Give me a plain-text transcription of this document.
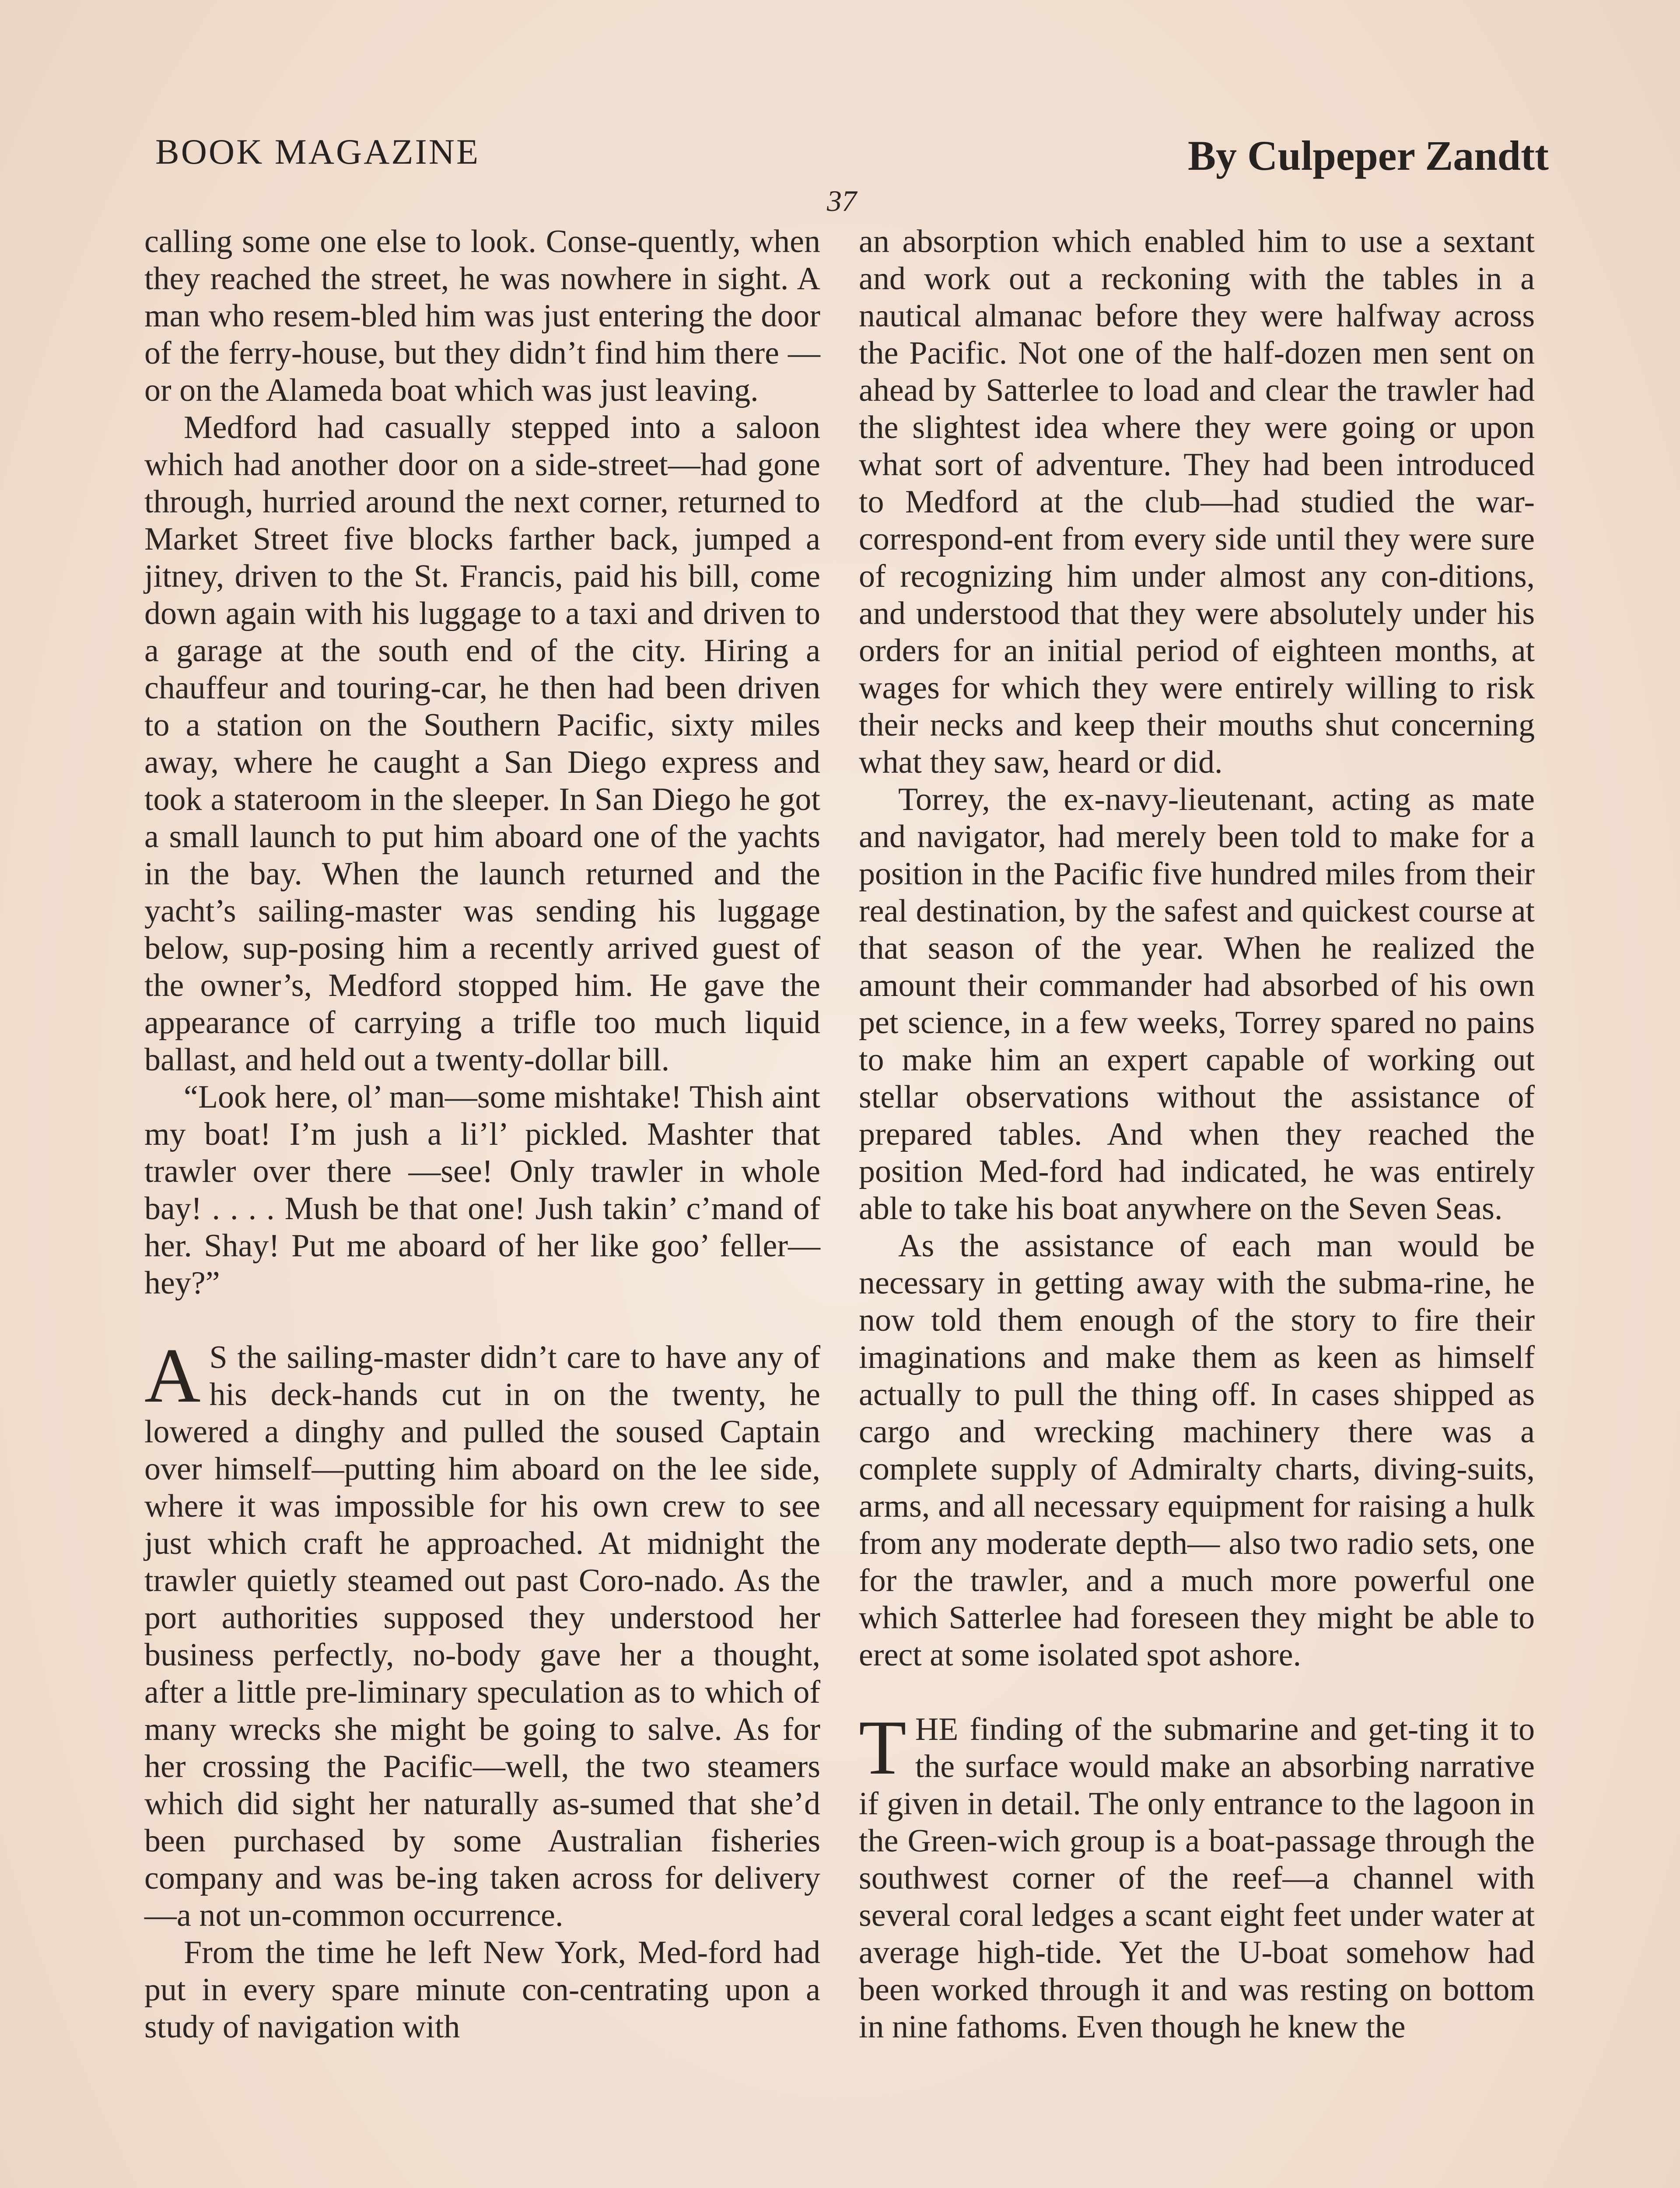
BOOK MAGAZINE	By Culpeper Zandtt
37

calling some one else to look. Conse-quently, when they reached the street, he was nowhere in sight. A man who resem-bled him was just entering the door of the ferry-house, but they didn’t find him there —or on the Alameda boat which was just leaving.

Medford had casually stepped into a saloon which had another door on a side-street—had gone through, hurried around the next corner, returned to Market Street five blocks farther back, jumped a jitney, driven to the St. Francis, paid his bill, come down again with his luggage to a taxi and driven to a garage at the south end of the city. Hiring a chauffeur and touring-car, he then had been driven to a station on the Southern Pacific, sixty miles away, where he caught a San Diego express and took a stateroom in the sleeper. In San Diego he got a small launch to put him aboard one of the yachts in the bay. When the launch returned and the yacht’s sailing-master was sending his luggage below, sup-posing him a recently arrived guest of the owner’s, Medford stopped him. He gave the appearance of carrying a trifle too much liquid ballast, and held out a twenty-dollar bill.

“Look here, ol’ man—some mishtake! Thish aint my boat! I’m jush a li’l’ pickled. Mashter that trawler over there —see! Only trawler in whole bay! . . . . Mush be that one! Jush takin’ c’mand of her. Shay! Put me aboard of her like goo’ feller—hey?”

A S the sailing-master didn’t care to have any of his deck-hands cut in on the twenty, he lowered a dinghy and pulled the soused Captain over himself—putting him aboard on the lee side, where it was impossible for his own crew to see just which craft he approached. At midnight the trawler quietly steamed out past Coro-nado. As the port authorities supposed they understood her business perfectly, no-body gave her a thought, after a little pre-liminary speculation as to which of many wrecks she might be going to salve. As for her crossing the Pacific—well, the two steamers which did sight her naturally as-sumed that she’d been purchased by some Australian fisheries company and was be-ing taken across for delivery—a not un-common occurrence.

From the time he left New York, Med-ford had put in every spare minute con-centrating upon a study of navigation with

an absorption which enabled him to use a sextant and work out a reckoning with the tables in a nautical almanac before they were halfway across the Pacific. Not one of the half-dozen men sent on ahead by Satterlee to load and clear the trawler had the slightest idea where they were going or upon what sort of adventure. They had been introduced to Medford at the club—had studied the war-correspond-ent from every side until they were sure of recognizing him under almost any con-ditions, and understood that they were absolutely under his orders for an initial period of eighteen months, at wages for which they were entirely willing to risk their necks and keep their mouths shut concerning what they saw, heard or did.

Torrey, the ex-navy-lieutenant, acting as mate and navigator, had merely been told to make for a position in the Pacific five hundred miles from their real destination, by the safest and quickest course at that season of the year. When he realized the amount their commander had absorbed of his own pet science, in a few weeks, Torrey spared no pains to make him an expert capable of working out stellar observations without the assistance of prepared tables. And when they reached the position Med-ford had indicated, he was entirely able to take his boat anywhere on the Seven Seas.

As the assistance of each man would be necessary in getting away with the subma-rine, he now told them enough of the story to fire their imaginations and make them as keen as himself actually to pull the thing off. In cases shipped as cargo and wrecking machinery there was a complete supply of Admiralty charts, diving-suits, arms, and all necessary equipment for raising a hulk from any moderate depth— also two radio sets, one for the trawler, and a much more powerful one which Satterlee had foreseen they might be able to erect at some isolated spot ashore.

THE finding of the submarine and get-ting it to the surface would make an absorbing narrative if given in detail. The only entrance to the lagoon in the Green-wich group is a boat-passage through the southwest corner of the reef—a channel with several coral ledges a scant eight feet under water at average high-tide. Yet the U-boat somehow had been worked through it and was resting on bottom in nine fathoms. Even though he knew the
